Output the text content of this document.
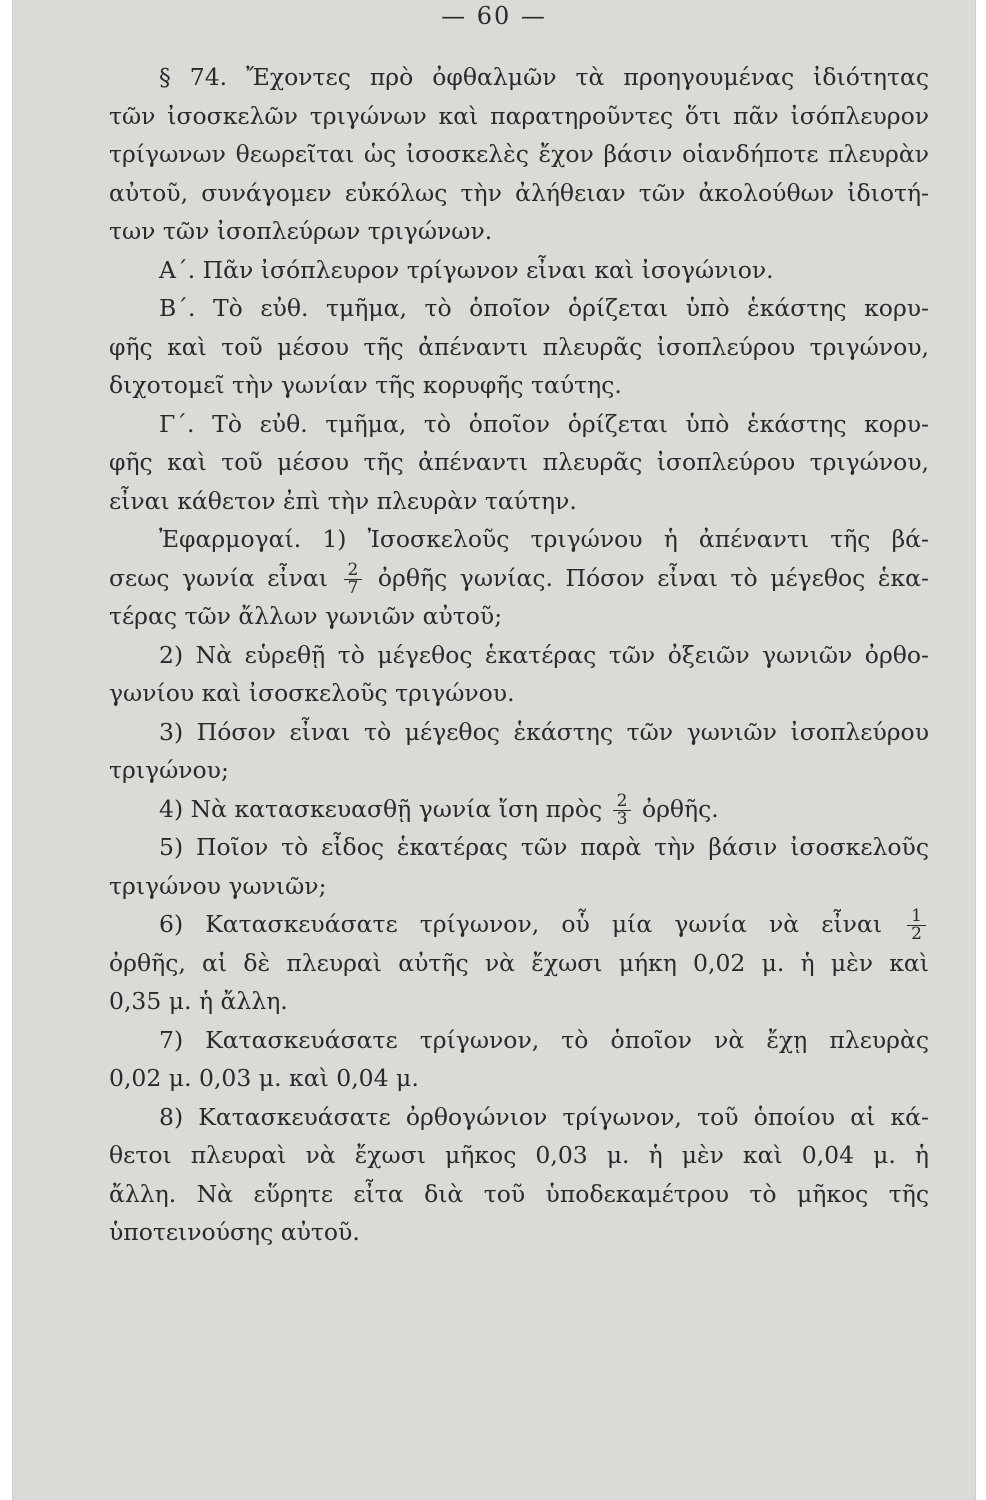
— 60 —
§ 74. Ἔχοντες πρὸ ὀφθαλμῶν τὰ προηγουμένας ἰδιότητας
τῶν ἰσοσκελῶν τριγώνων καὶ παρατηροῦντες ὅτι πᾶν ἰσόπλευρον
τρίγωνων θεωρεῖται ὡς ἰσοσκελὲς ἔχον βάσιν οἱανδήποτε πλευρὰν
αὐτοῦ, συνάγομεν εὐκόλως τὴν ἀλήθειαν τῶν ἀκολούθων ἰδιοτή-
των τῶν ἰσοπλεύρων τριγώνων.
Α΄. Πᾶν ἰσόπλευρον τρίγωνον εἶναι καὶ ἰσογώνιον.
Β΄. Τὸ εὐθ. τμῆμα, τὸ ὁποῖον ὁρίζεται ὑπὸ ἑκάστης κορυ-
φῆς καὶ τοῦ μέσου τῆς ἀπέναντι πλευρᾶς ἰσοπλεύρου τριγώνου,
διχοτομεῖ τὴν γωνίαν τῆς κορυφῆς ταύτης.
Γ΄. Τὸ εὐθ. τμῆμα, τὸ ὁποῖον ὁρίζεται ὑπὸ ἑκάστης κορυ-
φῆς καὶ τοῦ μέσου τῆς ἀπέναντι πλευρᾶς ἰσοπλεύρου τριγώνου,
εἶναι κάθετον ἐπὶ τὴν πλευρὰν ταύτην.
Ἐφαρμογαί. 1) Ἰσοσκελοῦς τριγώνου ἡ ἀπέναντι τῆς βά-
σεως γωνία εἶναι $\frac{2}{7}$ ὀρθῆς γωνίας. Πόσον εἶναι τὸ μέγεθος ἑκα-
τέρας τῶν ἄλλων γωνιῶν αὐτοῦ;
2) Νὰ εὑρεθῇ τὸ μέγεθος ἑκατέρας τῶν ὀξειῶν γωνιῶν ὀρθο-
γωνίου καὶ ἰσοσκελοῦς τριγώνου.
3) Πόσον εἶναι τὸ μέγεθος ἑκάστης τῶν γωνιῶν ἰσοπλεύρου
τριγώνου;
4) Νὰ κατασκευασθῇ γωνία ἴση πρὸς $\frac{2}{3}$ ὀρθῆς.
5) Ποῖον τὸ εἶδος ἑκατέρας τῶν παρὰ τὴν βάσιν ἰσοσκελοῦς
τριγώνου γωνιῶν;
6) Κατασκευάσατε τρίγωνον, οὗ μία γωνία νὰ εἶναι $\frac{1}{2}$
ὀρθῆς, αἱ δὲ πλευραὶ αὐτῆς νὰ ἔχωσι μήκη 0,02 μ. ἡ μὲν καὶ
0,35 μ. ἡ ἄλλη.
7) Κατασκευάσατε τρίγωνον, τὸ ὁποῖον νὰ ἔχῃ πλευρὰς
0,02 μ. 0,03 μ. καὶ 0,04 μ.
8) Κατασκευάσατε ὀρθογώνιον τρίγωνον, τοῦ ὁποίου αἱ κά-
θετοι πλευραὶ νὰ ἔχωσι μῆκος 0,03 μ. ἡ μὲν καὶ 0,04 μ. ἡ
ἄλλη. Νὰ εὕρητε εἶτα διὰ τοῦ ὑποδεκαμέτρου τὸ μῆκος τῆς
ὑποτεινούσης αὐτοῦ.
